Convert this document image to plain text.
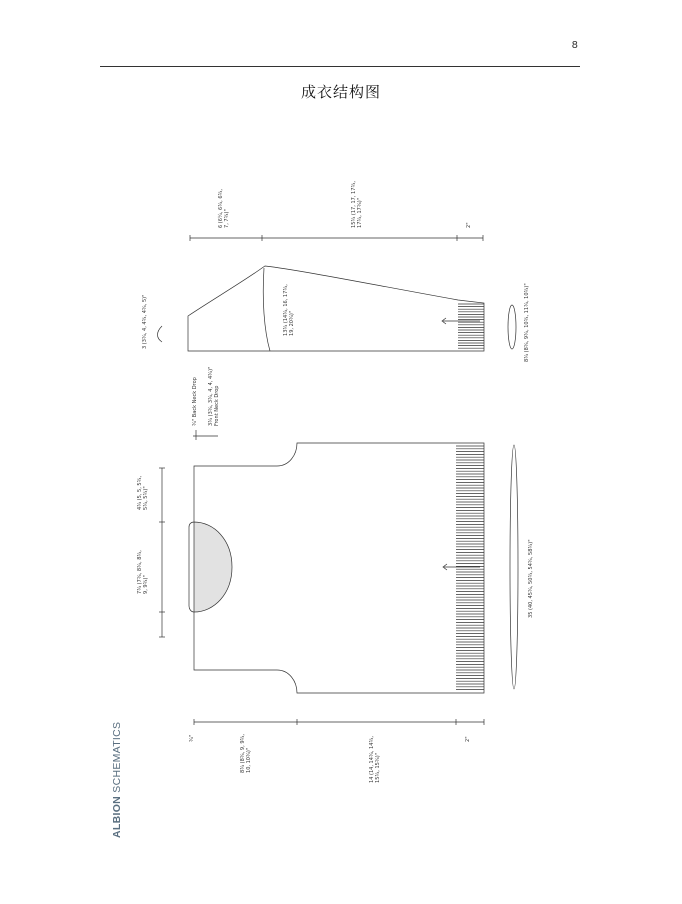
8
成衣结构图
6 (6¼, 6¾, 6¾, 7, 7¾)"	15¾ (17, 17, 17¾, 17¾, 17¾)"	2"
3 (3¾, 4, 4¾, 4¾, 5)"	13¾ (14¾, 16, 17¾, 19, 20¾)"	8¾ (8¾, 9¾, 10¾, 11¾, 10¾)"
¾" Back Neck Drop 3¾ (3¾, 3¾, 4, 4, 4¾)" Front Neck Drop
4¾ (5, 5, 5¾, 5¾, 5¾)"
7¾ (7¾, 8¾, 8¾, 9, 9¾)"	35 (40, 45¾, 50¾, 54¾, 58¾)"
¾"	8¾ (8¾, 9, 9¾, 10, 10¾)"	14 (14, 14¾, 14¾, 15¾, 15¾)"
2"
ALBION SCHEMATICS
